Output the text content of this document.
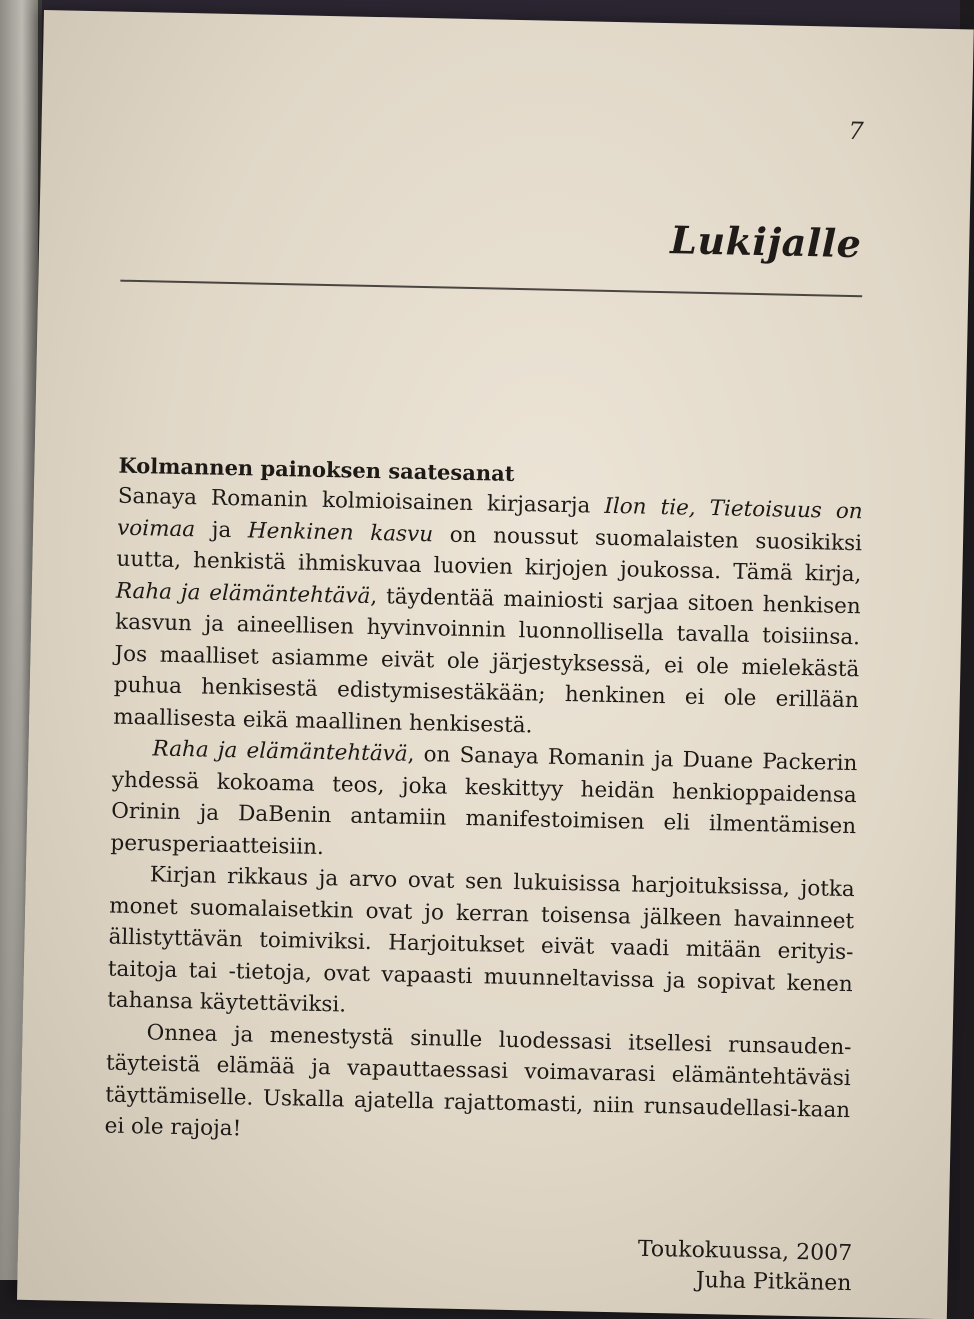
7

Lukijalle
Kolmannen painoksen saatesanat

Sanaya Romanin kolmioisainen kirjasarja Ilon tie, Tietoisuus on voimaa ja Henkinen kasvu on noussut suomalaisten suosikiksi uutta, henkistä ihmiskuvaa luovien kirjojen joukossa. Tämä kirja, Raha ja elämäntehtävä, täydentää mainiosti sarjaa sitoen henkisen kasvun ja aineellisen hyvinvoinnin luonnollisella tavalla toisiinsa. Jos maalliset asiamme eivät ole järjestyksessä, ei ole mielekästä puhua henkisestä edistymisestäkään; henkinen ei ole erillään maallisesta eikä maallinen henkisestä.

Raha ja elämäntehtävä, on Sanaya Romanin ja Duane Packerin yhdessä kokoama teos, joka keskittyy heidän henkioppaidensa Orinin ja DaBenin antamiin manifestoimisen eli ilmentämisen perusperiaatteisiin.

Kirjan rikkaus ja arvo ovat sen lukuisissa harjoituksissa, jotka monet suomalaisetkin ovat jo kerran toisensa jälkeen havainneet ällistyttävän toimiviksi. Harjoitukset eivät vaadi mitään erityis-taitoja tai -tietoja, ovat vapaasti muunneltavissa ja sopivat kenen tahansa käytettäviksi.

Onnea ja menestystä sinulle luodessasi itsellesi runsauden-täyteistä elämää ja vapauttaessasi voimavarasi elämäntehtäväsi täyttämiselle. Uskalla ajatella rajattomasti, niin runsaudellasi-kaan ei ole rajoja!

Toukokuussa, 2007
Juha Pitkänen
